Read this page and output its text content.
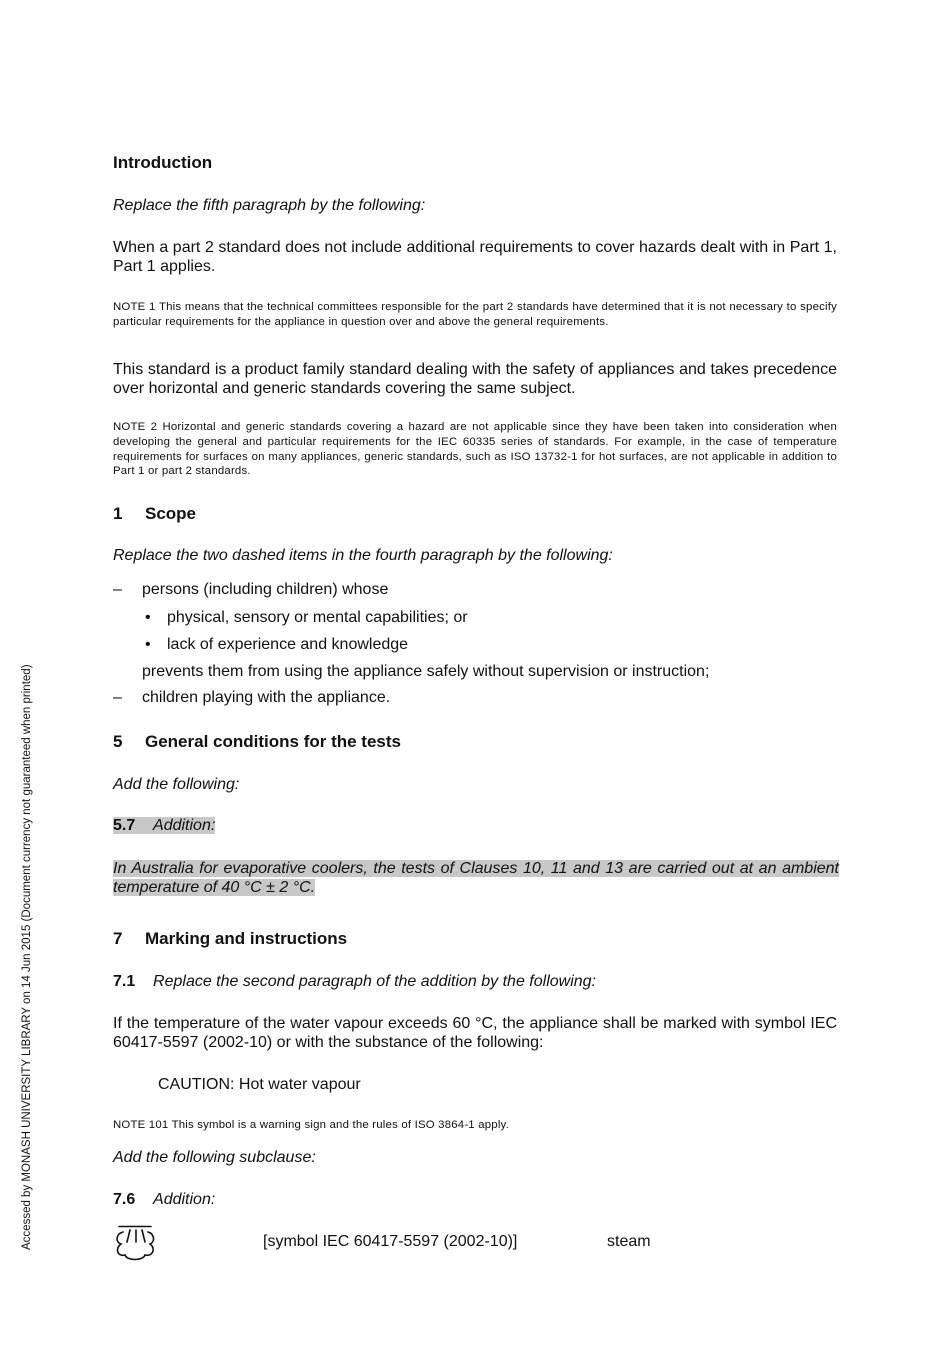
Accessed by MONASH UNIVERSITY LIBRARY on 14 Jun 2015 (Document currency not guaranteed when printed)
Introduction
Replace the fifth paragraph by the following:
When a part 2 standard does not include additional requirements to cover hazards dealt with in Part 1, Part 1 applies.
NOTE 1 This means that the technical committees responsible for the part 2 standards have determined that it is not necessary to specify particular requirements for the appliance in question over and above the general requirements.
This standard is a product family standard dealing with the safety of appliances and takes precedence over horizontal and generic standards covering the same subject.
NOTE 2 Horizontal and generic standards covering a hazard are not applicable since they have been taken into consideration when developing the general and particular requirements for the IEC 60335 series of standards. For example, in the case of temperature requirements for surfaces on many appliances, generic standards, such as ISO 13732-1 for hot surfaces, are not applicable in addition to Part 1 or part 2 standards.
1 Scope
Replace the two dashed items in the fourth paragraph by the following:
– persons (including children) whose
• physical, sensory or mental capabilities; or
• lack of experience and knowledge
prevents them from using the appliance safely without supervision or instruction;
– children playing with the appliance.
5 General conditions for the tests
Add the following:
5.7 Addition:
In Australia for evaporative coolers, the tests of Clauses 10, 11 and 13 are carried out at an ambient temperature of 40 °C ± 2 °C.
7 Marking and instructions
7.1 Replace the second paragraph of the addition by the following:
If the temperature of the water vapour exceeds 60 °C, the appliance shall be marked with symbol IEC 60417-5597 (2002-10) or with the substance of the following:
CAUTION: Hot water vapour
NOTE 101 This symbol is a warning sign and the rules of ISO 3864-1 apply.
Add the following subclause:
7.6 Addition:
[symbol IEC 60417-5597 (2002-10)]	steam
